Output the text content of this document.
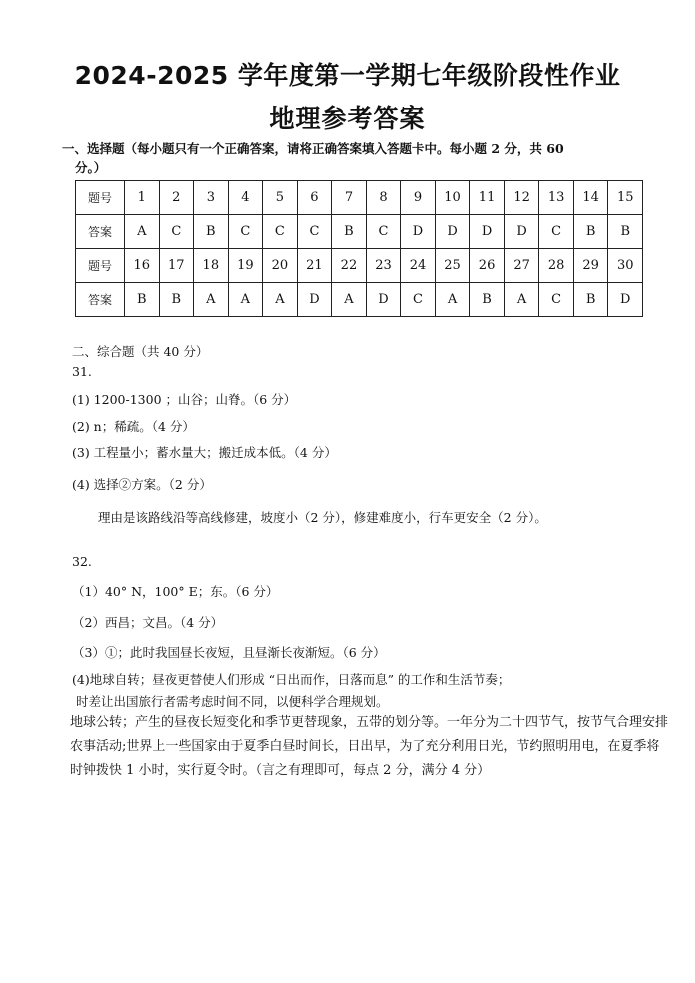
2024-2025 学年度第一学期七年级阶段性作业
地理参考答案
一、选择题（每小题只有一个正确答案，请将正确答案填入答题卡中。每小题 2 分，共 60
分。）
题号	1	2	3	4	5	6	7	8	9	10	11	12	13	14	15
答案	A	C	B	C	C	C	B	C	D	D	D	D	C	B	B
题号	16	17	18	19	20	21	22	23	24	25	26	27	28	29	30
答案	B	B	A	A	A	D	A	D	C	A	B	A	C	B	D
二、综合题（共 40 分）
31.
(1) 1200-1300 ；山谷；山脊。（6 分）
(2) n；稀疏。（4 分）
(3) 工程量小；蓄水量大；搬迁成本低。（4 分）
(4) 选择②方案。（2 分）
理由是该路线沿等高线修建，坡度小（2 分），修建难度小，行车更安全（2 分）。
32.
（1）40° N，100° E；东。（6 分）
（2）西昌；文昌。（4 分）
（3）①；此时我国昼长夜短，且昼渐长夜渐短。（6 分）
(4)地球自转；昼夜更替使人们形成 “日出而作，日落而息” 的工作和生活节奏；
时差让出国旅行者需考虑时间不同，以便科学合理规划。
地球公转；产生的昼夜长短变化和季节更替现象，五带的划分等。一年分为二十四节气，按节气合理安排农事活动;世界上一些国家由于夏季白昼时间长，日出早，为了充分利用日光，节约照明用电，在夏季将时钟拨快 1 小时，实行夏令时。（言之有理即可，每点 2 分，满分 4 分）
